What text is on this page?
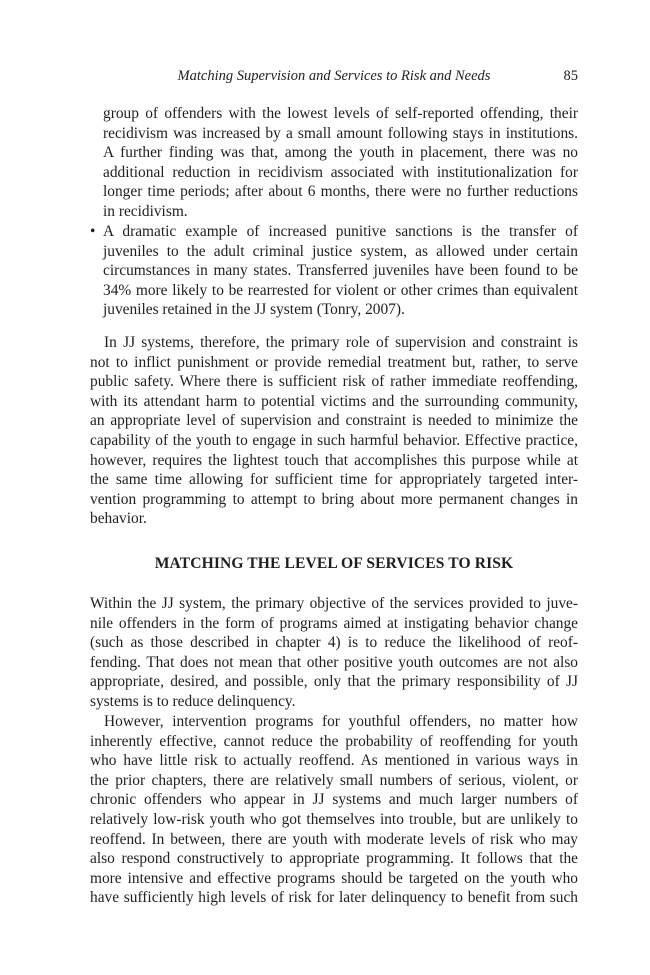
Matching Supervision and Services to Risk and Needs	85
group of offenders with the lowest levels of self-reported offending, their
recidivism was increased by a small amount following stays in institutions.
A further finding was that, among the youth in placement, there was no
additional reduction in recidivism associated with institutionalization for
longer time periods; after about 6 months, there were no further reductions
in recidivism.
• A dramatic example of increased punitive sanctions is the transfer of
juveniles to the adult criminal justice system, as allowed under certain
circumstances in many states. Transferred juveniles have been found to be
34% more likely to be rearrested for violent or other crimes than equivalent
juveniles retained in the JJ system (Tonry, 2007).
In JJ systems, therefore, the primary role of supervision and constraint is
not to inflict punishment or provide remedial treatment but, rather, to serve
public safety. Where there is sufficient risk of rather immediate reoffending,
with its attendant harm to potential victims and the surrounding community,
an appropriate level of supervision and constraint is needed to minimize the
capability of the youth to engage in such harmful behavior. Effective practice,
however, requires the lightest touch that accomplishes this purpose while at
the same time allowing for sufficient time for appropriately targeted inter-
vention programming to attempt to bring about more permanent changes in
behavior.
MATCHING THE LEVEL OF SERVICES TO RISK
Within the JJ system, the primary objective of the services provided to juve-
nile offenders in the form of programs aimed at instigating behavior change
(such as those described in chapter 4) is to reduce the likelihood of reof-
fending. That does not mean that other positive youth outcomes are not also
appropriate, desired, and possible, only that the primary responsibility of JJ
systems is to reduce delinquency.
However, intervention programs for youthful offenders, no matter how
inherently effective, cannot reduce the probability of reoffending for youth
who have little risk to actually reoffend. As mentioned in various ways in
the prior chapters, there are relatively small numbers of serious, violent, or
chronic offenders who appear in JJ systems and much larger numbers of
relatively low-risk youth who got themselves into trouble, but are unlikely to
reoffend. In between, there are youth with moderate levels of risk who may
also respond constructively to appropriate programming. It follows that the
more intensive and effective programs should be targeted on the youth who
have sufficiently high levels of risk for later delinquency to benefit from such
